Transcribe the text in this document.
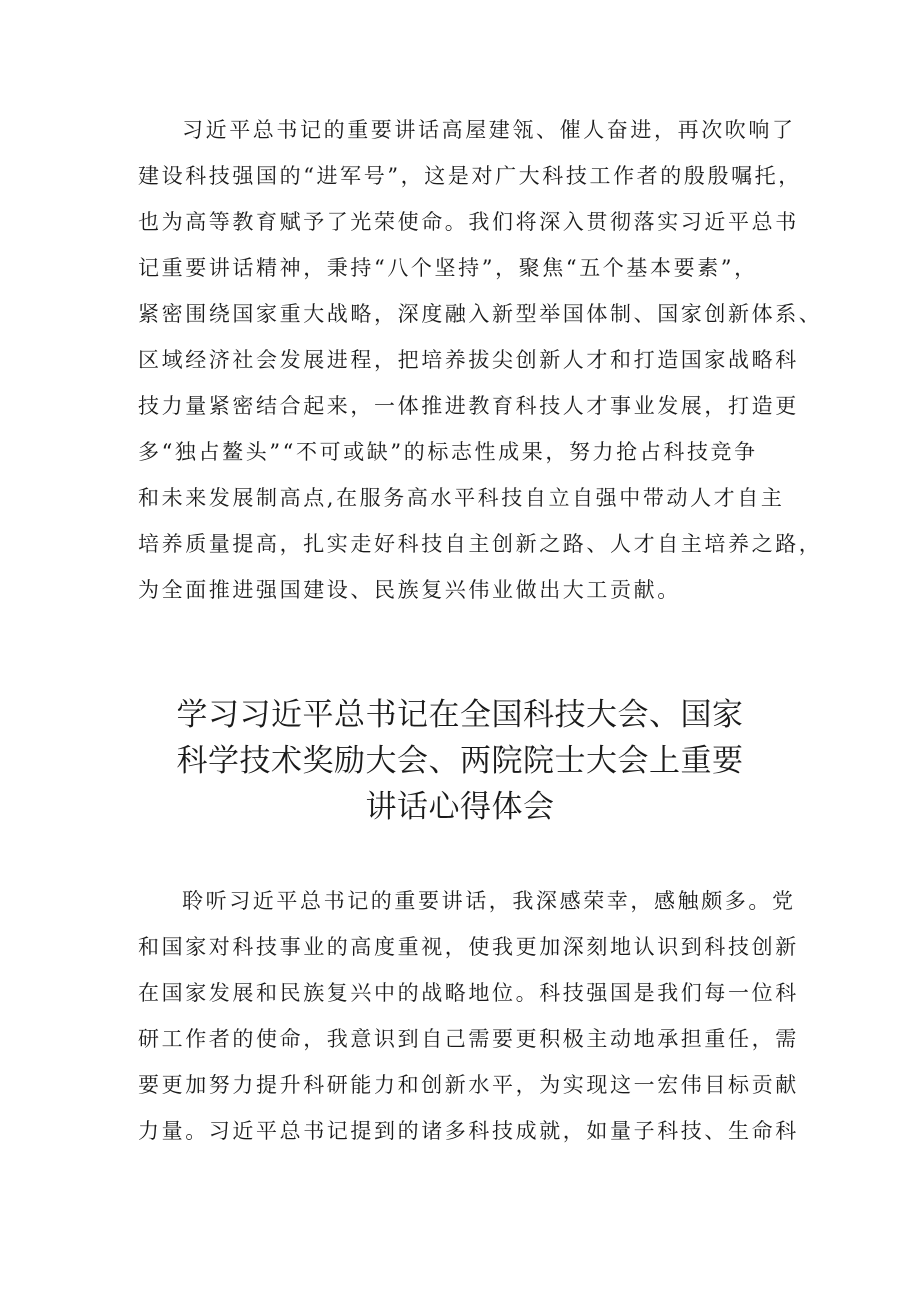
习近平总书记的重要讲话高屋建瓴、催人奋进，再次吹响了
建设科技强国的“进军号”，这是对广大科技工作者的殷殷嘱托，
也为高等教育赋予了光荣使命。我们将深入贯彻落实习近平总书
记重要讲话精神，秉持“八个坚持”，聚焦“五个基本要素”，
紧密围绕国家重大战略，深度融入新型举国体制、国家创新体系、
区域经济社会发展进程，把培养拔尖创新人才和打造国家战略科
技力量紧密结合起来，一体推进教育科技人才事业发展，打造更
多“独占鳌头”“不可或缺”的标志性成果，努力抢占科技竞争
和未来发展制高点,在服务高水平科技自立自强中带动人才自主
培养质量提高，扎实走好科技自主创新之路、人才自主培养之路，
为全面推进强国建设、民族复兴伟业做出大工贡献。

学习习近平总书记在全国科技大会、国家
科学技术奖励大会、两院院士大会上重要
讲话心得体会

聆听习近平总书记的重要讲话，我深感荣幸，感触颇多。党
和国家对科技事业的高度重视，使我更加深刻地认识到科技创新
在国家发展和民族复兴中的战略地位。科技强国是我们每一位科
研工作者的使命，我意识到自己需要更积极主动地承担重任，需
要更加努力提升科研能力和创新水平，为实现这一宏伟目标贡献
力量。习近平总书记提到的诸多科技成就，如量子科技、生命科
